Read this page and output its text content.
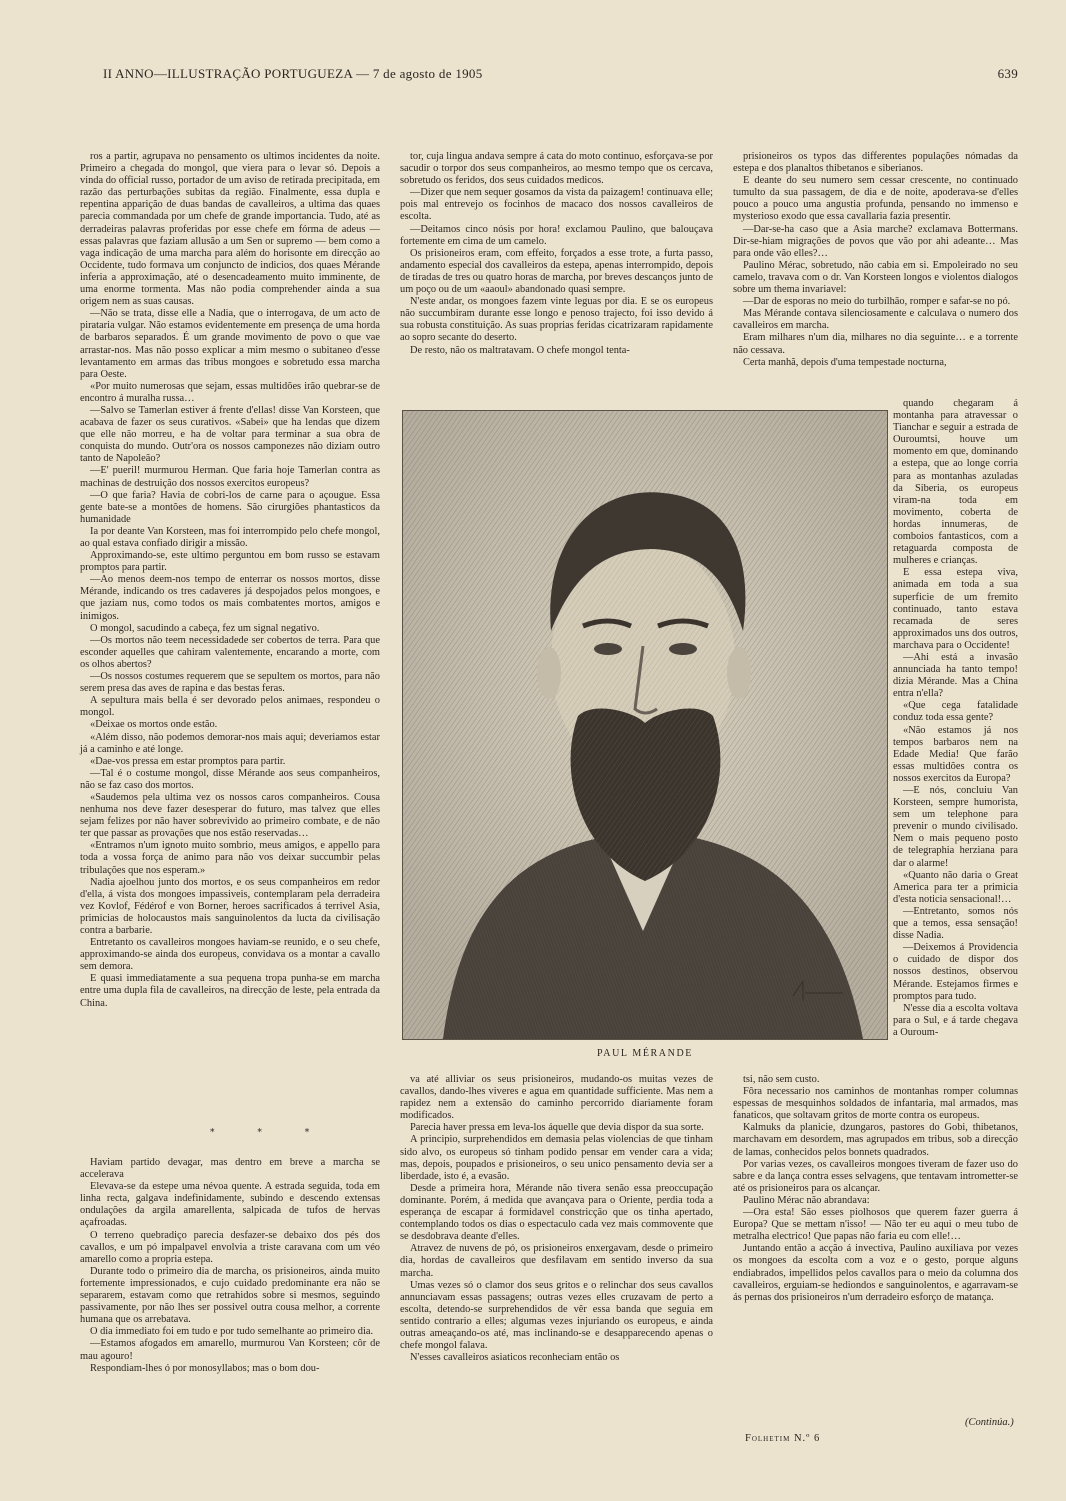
II ANNO—ILLUSTRAÇÃO PORTUGUEZA — 7 de agosto de 1905	639

ros a partir, agrupava no pensamento os ultimos incidentes da noite. Primeiro a chegada do mongol, que viera para o levar só. Depois a vinda do official russo, portador de um aviso de retirada precipitada, em razão das perturbações subitas da região. Finalmente, essa dupla e repentina apparição de duas bandas de cavalleiros, a ultima das quaes parecia commandada por um chefe de grande importancia. Tudo, até as derradeiras palavras proferidas por esse chefe em fórma de adeus — essas palavras que faziam allusão a um Sen or supremo — bem como a vaga indicação de uma marcha para além do horisonte em direcção ao Occidente, tudo formava um conjuncto de indicios, dos quaes Mérande inferia a approximação, até o desencadeamento muito imminente, de uma enorme tormenta. Mas não podia comprehender ainda a sua origem nem as suas causas.

—Não se trata, disse elle a Nadia, que o interrogava, de um acto de pirataria vulgar. Não estamos evidentemente em presença de uma horda de barbaros separados. É um grande movimento de povo o que vae arrastar-nos. Mas não posso explicar a mim mesmo o subitaneo d'esse levantamento em armas das tribus mongoes e sobretudo essa marcha para Oeste.

«Por muito numerosas que sejam, essas multidões irão quebrar-se de encontro á muralha russa…

—Salvo se Tamerlan estiver á frente d'ellas! disse Van Korsteen, que acabava de fazer os seus curativos. «Sabei» que ha lendas que dizem que elle não morreu, e ha de voltar para terminar a sua obra de conquista do mundo. Outr'ora os nossos camponezes não diziam outro tanto de Napoleão?

—E' pueril! murmurou Herman. Que faria hoje Tamerlan contra as machinas de destruição dos nossos exercitos europeus?

—O que faria? Havia de cobri-los de carne para o açougue. Essa gente bate-se a montões de homens. São cirurgiões phantasticos da humanidade

Ia por deante Van Korsteen, mas foi interrompido pelo chefe mongol, ao qual estava confiado dirigir a missão.

Approximando-se, este ultimo perguntou em bom russo se estavam promptos para partir.

—Ao menos deem-nos tempo de enterrar os nossos mortos, disse Mérande, indicando os tres cadaveres já despojados pelos mongoes, e que jaziam nus, como todos os mais combatentes mortos, amigos e inimigos.

O mongol, sacudindo a cabeça, fez um signal negativo.

—Os mortos não teem necessidadede ser cobertos de terra. Para que esconder aquelles que cahiram valentemente, encarando a morte, com os olhos abertos?

—Os nossos costumes requerem que se sepultem os mortos, para não serem presa das aves de rapina e das bestas feras.

A sepultura mais bella é ser devorado pelos animaes, respondeu o mongol.

«Deixae os mortos onde estão.

«Além disso, não podemos demorar-nos mais aqui; deveriamos estar já a caminho e até longe.

«Dae-vos pressa em estar promptos para partir.

—Tal é o costume mongol, disse Mérande aos seus companheiros, não se faz caso dos mortos.

«Saudemos pela ultima vez os nossos caros companheiros. Cousa nenhuma nos deve fazer desesperar do futuro, mas talvez que elles sejam felizes por não haver sobrevivido ao primeiro combate, e de não ter que passar as provações que nos estão reservadas…

«Entramos n'um ignoto muito sombrio, meus amigos, e appello para toda a vossa força de animo para não vos deixar succumbir pelas tribulações que nos esperam.»

Nadia ajoelhou junto dos mortos, e os seus companheiros em redor d'ella, á vista dos mongoes impassiveis, contemplaram pela derradeira vez Kovlof, Fédérof e von Borner, heroes sacrificados á terrivel Asia, primicias de holocaustos mais sanguinolentos da lucta da civilisação contra a barbarie.

Entretanto os cavalleiros mongoes haviam-se reunido, e o seu chefe, approximando-se ainda dos europeus, convidava os a montar a cavallo sem demora.

E quasi immediatamente a sua pequena tropa punha-se em marcha entre uma dupla fila de cavalleiros, na direcção de leste, pela entrada da China.

* * *

Haviam partido devagar, mas dentro em breve a marcha se accelerava

Elevava-se da estepe uma névoa quente. A estrada seguida, toda em linha recta, galgava indefinidamente, subindo e descendo extensas ondulações da argila amarellenta, salpicada de tufos de hervas açafroadas.

O terreno quebradiço parecia desfazer-se debaixo dos pés dos cavallos, e um pó impalpavel envolvia a triste caravana com um véo amarello como a propria estepa.

Durante todo o primeiro dia de marcha, os prisioneiros, ainda muito fortemente impressionados, e cujo cuidado predominante era não se separarem, estavam como que retrahidos sobre si mesmos, seguindo passivamente, por não lhes ser possivel outra cousa melhor, a corrente humana que os arrebatava.

O dia immediato foi em tudo e por tudo semelhante ao primeiro dia.

—Estamos afogados em amarello, murmurou Van Korsteen; côr de mau agouro!

Respondiam-lhes ó por monosyllabos; mas o bom dou-

tor, cuja lingua andava sempre á cata do moto continuo, esforçava-se por sacudir o torpor dos seus companheiros, ao mesmo tempo que os cercava, sobretudo os feridos, dos seus cuidados medicos.

—Dizer que nem sequer gosamos da vista da paizagem! continuava elle; pois mal entrevejo os focinhos de macaco dos nossos cavalleiros de escolta.

—Deitamos cinco nósis por hora! exclamou Paulino, que balouçava fortemente em cima de um camelo.

Os prisioneiros eram, com effeito, forçados a esse trote, a furta passo, andamento especial dos cavalleiros da estepa, apenas interrompido, depois de tiradas de tres ou quatro horas de marcha, por breves descanços junto de um poço ou de um «aaoul» abandonado quasi sempre.

N'este andar, os mongoes fazem vinte leguas por dia. E se os europeus não succumbiram durante esse longo e penoso trajecto, foi isso devido á sua robusta constituição. As suas proprias feridas cicatrizaram rapidamente ao sopro secante do deserto.

De resto, não os maltratavam. O chefe mongol tenta-

PAUL MÉRANDE

va até alliviar os seus prisioneiros, mudando-os muitas vezes de cavallos, dando-lhes viveres e agua em quantidade sufficiente. Mas nem a rapidez nem a extensão do caminho percorrido diariamente foram modificados.

Parecia haver pressa em leva-los áquelle que devia dispor da sua sorte.

A principio, surprehendidos em demasia pelas violencias de que tinham sido alvo, os europeus só tinham podido pensar em vender cara a vida; mas, depois, poupados e prisioneiros, o seu unico pensamento devia ser a liberdade, isto é, a evasão.

Desde a primeira hora, Mérande não tivera senão essa preoccupação dominante. Porém, á medida que avançava para o Oriente, perdia toda a esperança de escapar á formidavel constricção que os tinha apertado, contemplando todos os dias o espectaculo cada vez mais commovente que se desdobrava deante d'elles.

Atravez de nuvens de pó, os prisioneiros enxergavam, desde o primeiro dia, hordas de cavalleiros que desfilavam em sentido inverso da sua marcha.

Umas vezes só o clamor dos seus gritos e o relinchar dos seus cavallos annunciavam essas passagens; outras vezes elles cruzavam de perto a escolta, detendo-se surprehendidos de vêr essa banda que seguia em sentido contrario a elles; algumas vezes injuriando os europeus, e ainda outras ameaçando-os até, mas inclinando-se e desapparecendo apenas o chefe mongol falava.

N'esses cavalleiros asiaticos reconheciam então os

prisioneiros os typos das differentes populações nómadas da estepa e dos planaltos thibetanos e siberianos.

E deante do seu numero sem cessar crescente, no continuado tumulto da sua passagem, de dia e de noite, apoderava-se d'elles pouco a pouco uma angustia profunda, pensando no immenso e mysterioso exodo que essa cavallaria fazia presentir.

—Dar-se-ha caso que a Asia marche? exclamava Bottermans. Dir-se-hiam migrações de povos que vão por ahi adeante… Mas para onde vão elles?…

Paulino Mérac, sobretudo, não cabia em si. Empoleirado no seu camelo, travava com o dr. Van Korsteen longos e violentos dialogos sobre um thema invariavel:

—Dar de esporas no meio do turbilhão, romper e safar-se no pó.

Mas Mérande contava silenciosamente e calculava o numero dos cavalleiros em marcha.

Eram milhares n'um dia, milhares no dia seguinte… e a torrente não cessava.

Certa manhã, depois d'uma tempestade nocturna,

quando chegaram á montanha para atravessar o Tianchar e seguir a estrada de Ouroumtsi, houve um momento em que, dominando a estepa, que ao longe corria para as montanhas azuladas da Siberia, os europeus viram-na toda em movimento, coberta de hordas innumeras, de comboios fantasticos, com a retaguarda composta de mulheres e crianças.

E essa estepa viva, animada em toda a sua superficie de um fremito continuado, tanto estava recamada de seres approximados uns dos outros, marchava para o Occidente!

—Ahi está a invasão annunciada ha tanto tempo! dizia Mérande. Mas a China entra n'ella?

«Que cega fatalidade conduz toda essa gente?

«Não estamos já nos tempos barbaros nem na Edade Media! Que farão essas multidões contra os nossos exercitos da Europa?

—E nós, concluiu Van Korsteen, sempre humorista, sem um telephone para prevenir o mundo civilisado. Nem o mais pequeno posto de telegraphia herziana para dar o alarme!

«Quanto não daria o Great America para ter a primicia d'esta noticia sensacional!…

—Entretanto, somos nós que a temos, essa sensação! disse Nadia.

—Deixemos á Providencia o cuidado de dispor dos nossos destinos, observou Mérande. Estejamos firmes e promptos para tudo.

N'esse dia a escolta voltava para o Sul, e á tarde chegava a Ouroum-

tsi, não sem custo.

Fôra necessario nos caminhos de montanhas romper columnas espessas de mesquinhos soldados de infantaria, mal armados, mas fanaticos, que soltavam gritos de morte contra os europeus.

Kalmuks da planicie, dzungaros, pastores do Gobi, thibetanos, marchavam em desordem, mas agrupados em tribus, sob a direcção de lamas, conhecidos pelos bonnets quadrados.

Por varias vezes, os cavalleiros mongoes tiveram de fazer uso do sabre e da lança contra esses selvagens, que tentavam intrometter-se até os prisioneiros para os alcançar.

Paulino Mérac não abrandava:

—Ora esta! São esses piolhosos que querem fazer guerra á Europa? Que se mettam n'isso! — Não ter eu aqui o meu tubo de metralha electrico! Que papas não faria eu com elle!…

Juntando então a acção á invectiva, Paulino auxiliava por vezes os mongoes da escolta com a voz e o gesto, porque alguns endiabrados, impellidos pelos cavallos para o meio da columna dos cavalleiros, erguiam-se hediondos e sanguinolentos, e agarravam-se ás pernas dos prisioneiros n'um derradeiro esforço de matança.

(Continúa.)
Folhetim N.º 6
